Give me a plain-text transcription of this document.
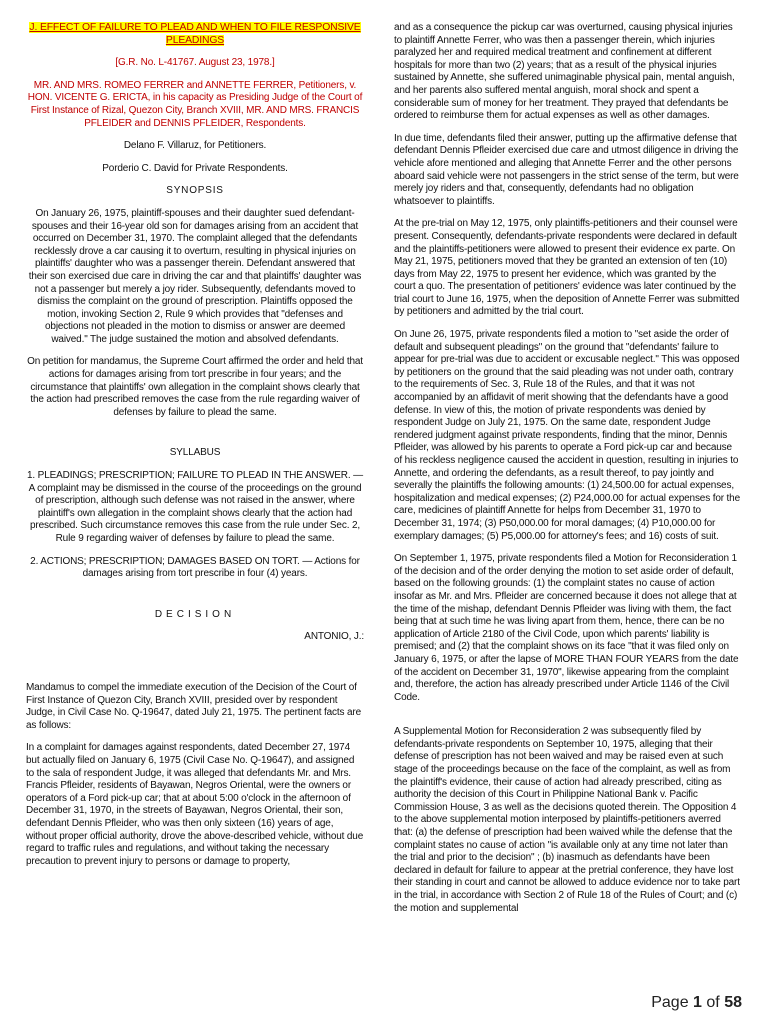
J. EFFECT OF FAILURE TO PLEAD AND WHEN TO FILE RESPONSIVE PLEADINGS

[G.R. No. L-41767. August 23, 1978.]

MR. AND MRS. ROMEO FERRER and ANNETTE FERRER, Petitioners, v. HON. VICENTE G. ERICTA, in his capacity as Presiding Judge of the Court of First Instance of Rizal, Quezon City, Branch XVIII, MR. AND MRS. FRANCIS PFLEIDER and DENNIS PFLEIDER, Respondents.

Delano F. Villaruz, for Petitioners.

Porderio C. David for Private Respondents.

SYNOPSIS

On January 26, 1975, plaintiff-spouses and their daughter sued defendant-spouses and their 16-year old son for damages arising from an accident that occurred on December 31, 1970. The complaint alleged that the defendants recklessly drove a car causing it to overturn, resulting in physical injuries on plaintiffs' daughter who was a passenger therein. Defendant answered that their son exercised due care in driving the car and that plaintiffs' daughter was not a passenger but merely a joy rider. Subsequently, defendants moved to dismiss the complaint on the ground of prescription. Plaintiffs opposed the motion, invoking Section 2, Rule 9 which provides that "defenses and objections not pleaded in the motion to dismiss or answer are deemed waived." The judge sustained the motion and absolved defendants.

On petition for mandamus, the Supreme Court affirmed the order and held that actions for damages arising from tort prescribe in four years; and the circumstance that plaintiffs' own allegation in the complaint shows clearly that the action had prescribed removes the case from the rule regarding waiver of defenses by failure to plead the same.

SYLLABUS

1. PLEADINGS; PRESCRIPTION; FAILURE TO PLEAD IN THE ANSWER. — A complaint may be dismissed in the course of the proceedings on the ground of prescription, although such defense was not raised in the answer, where plaintiff's own allegation in the complaint shows clearly that the action had prescribed. Such circumstance removes this case from the rule under Sec. 2, Rule 9 regarding waiver of defenses by failure to plead the same.

2. ACTIONS; PRESCRIPTION; DAMAGES BASED ON TORT. — Actions for damages arising from tort prescribe in four (4) years.

DECISION

ANTONIO, J.:

Mandamus to compel the immediate execution of the Decision of the Court of First Instance of Quezon City, Branch XVIII, presided over by respondent Judge, in Civil Case No. Q-19647, dated July 21, 1975. The pertinent facts are as follows:

In a complaint for damages against respondents, dated December 27, 1974 but actually filed on January 6, 1975 (Civil Case No. Q-19647), and assigned to the sala of respondent Judge, it was alleged that defendants Mr. and Mrs. Francis Pfleider, residents of Bayawan, Negros Oriental, were the owners or operators of a Ford pick-up car; that at about 5:00 o'clock in the afternoon of December 31, 1970, in the streets of Bayawan, Negros Oriental, their son, defendant Dennis Pfleider, who was then only sixteen (16) years of age, without proper official authority, drove the above-described vehicle, without due regard to traffic rules and regulations, and without taking the necessary precaution to prevent injury to persons or damage to property,

and as a consequence the pickup car was overturned, causing physical injuries to plaintiff Annette Ferrer, who was then a passenger therein, which injuries paralyzed her and required medical treatment and confinement at different hospitals for more than two (2) years; that as a result of the physical injuries sustained by Annette, she suffered unimaginable physical pain, mental anguish, and her parents also suffered mental anguish, moral shock and spent a considerable sum of money for her treatment. They prayed that defendants be ordered to reimburse them for actual expenses as well as other damages.

In due time, defendants filed their answer, putting up the affirmative defense that defendant Dennis Pfleider exercised due care and utmost diligence in driving the vehicle afore mentioned and alleging that Annette Ferrer and the other persons aboard said vehicle were not passengers in the strict sense of the term, but were merely joy riders and that, consequently, defendants had no obligation whatsoever to plaintiffs.

At the pre-trial on May 12, 1975, only plaintiffs-petitioners and their counsel were present. Consequently, defendants-private respondents were declared in default and the plaintiffs-petitioners were allowed to present their evidence ex parte. On May 21, 1975, petitioners moved that they be granted an extension of ten (10) days from May 22, 1975 to present her evidence, which was granted by the court a quo. The presentation of petitioners' evidence was later continued by the trial court to June 16, 1975, when the deposition of Annette Ferrer was submitted by petitioners and admitted by the trial court.

On June 26, 1975, private respondents filed a motion to "set aside the order of default and subsequent pleadings" on the ground that "defendants' failure to appear for pre-trial was due to accident or excusable neglect." This was opposed by petitioners on the ground that the said pleading was not under oath, contrary to the requirements of Sec. 3, Rule 18 of the Rules, and that it was not accompanied by an affidavit of merit showing that the defendants have a good defense. In view of this, the motion of private respondents was denied by respondent Judge on July 21, 1975. On the same date, respondent Judge rendered judgment against private respondents, finding that the minor, Dennis Pfleider, was allowed by his parents to operate a Ford pick-up car and because of his reckless negligence caused the accident in question, resulting in injuries to Annette, and ordering the defendants, as a result thereof, to pay jointly and severally the plaintiffs the following amounts: (1) 24,500.00 for actual expenses, hospitalization and medical expenses; (2) P24,000.00 for actual expenses for the care, medicines of plaintiff Annette for helps from December 31, 1970 to December 31, 1974; (3) P50,000.00 for moral damages; (4) P10,000.00 for exemplary damages; (5) P5,000.00 for attorney's fees; and 16) costs of suit.

On September 1, 1975, private respondents filed a Motion for Reconsideration 1 of the decision and of the order denying the motion to set aside order of default, based on the following grounds: (1) the complaint states no cause of action insofar as Mr. and Mrs. Pfleider are concerned because it does not allege that at the time of the mishap, defendant Dennis Pfleider was living with them, the fact being that at such time he was living apart from them, hence, there can be no application of Article 2180 of the Civil Code, upon which parents' liability is premised; and (2) that the complaint shows on its face "that it was filed only on January 6, 1975, or after the lapse of MORE THAN FOUR YEARS from the date of the accident on December 31, 1970", likewise appearing from the complaint and, therefore, the action has already prescribed under Article 1146 of the Civil Code.

A Supplemental Motion for Reconsideration 2 was subsequently filed by defendants-private respondents on September 10, 1975, alleging that their defense of prescription has not been waived and may be raised even at such stage of the proceedings because on the face of the complaint, as well as from the plaintiff's evidence, their cause of action had already prescribed, citing as authority the decision of this Court in Philippine National Bank v. Pacific Commission House, 3 as well as the decisions quoted therein. The Opposition 4 to the above supplemental motion interposed by plaintiffs-petitioners averred that: (a) the defense of prescription had been waived while the defense that the complaint states no cause of action "is available only at any time not later than the trial and prior to the decision" ; (b) inasmuch as defendants have been declared in default for failure to appear at the pretrial conference, they have lost their standing in court and cannot be allowed to adduce evidence nor to take part in the trial, in accordance with Section 2 of Rule 18 of the Rules of Court; and (c) the motion and supplemental

Page 1 of 58
